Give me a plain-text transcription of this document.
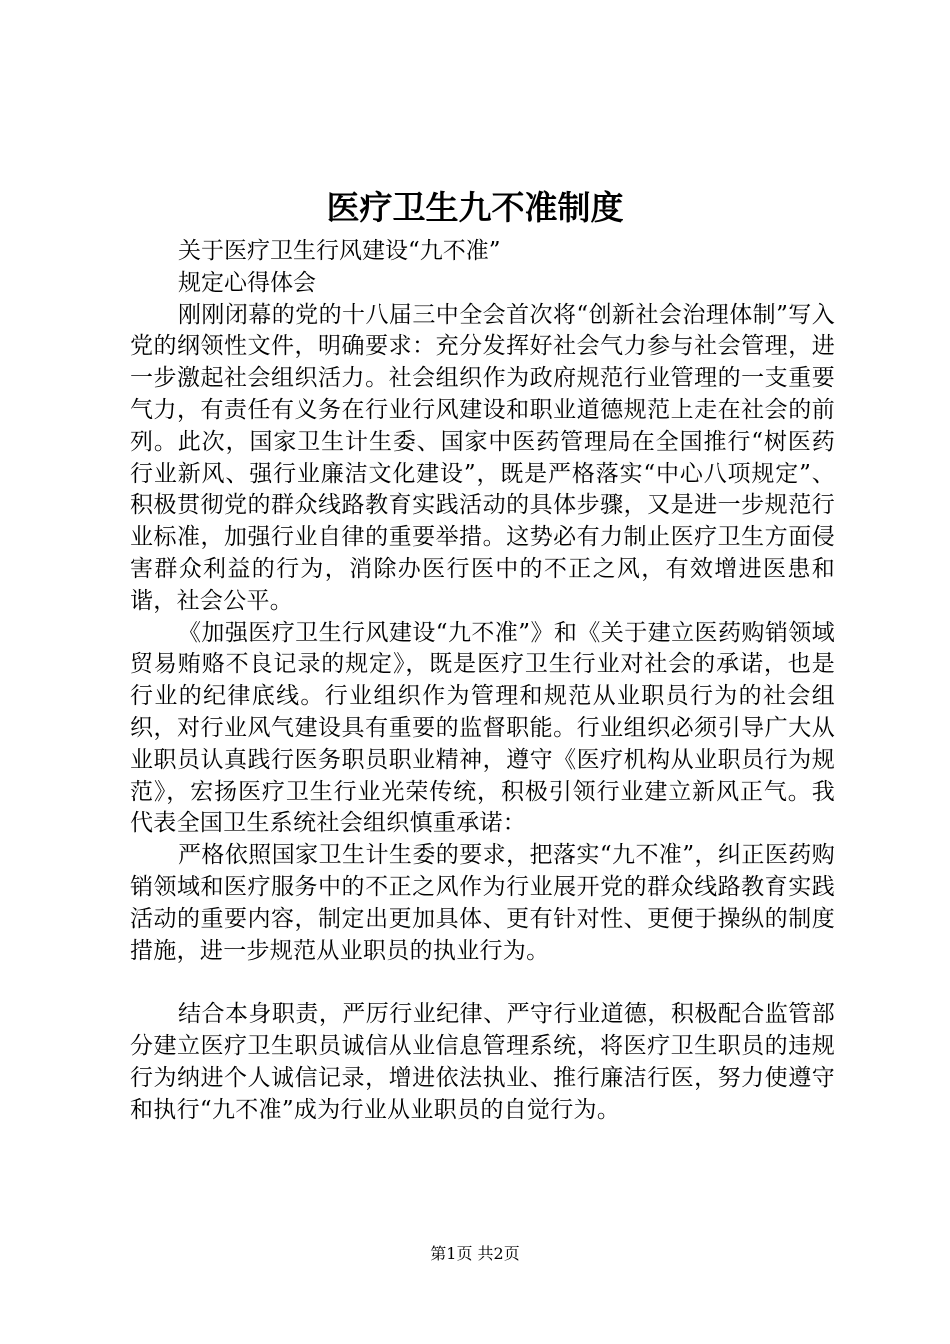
医疗卫生九不准制度

关于医疗卫生行风建设“九不准”

规定心得体会

刚刚闭幕的党的十八届三中全会首次将“创新社会治理体制”写入党的纲领性文件，明确要求：充分发挥好社会气力参与社会管理，进一步激起社会组织活力。社会组织作为政府规范行业管理的一支重要气力，有责任有义务在行业行风建设和职业道德规范上走在社会的前列。此次，国家卫生计生委、国家中医药管理局在全国推行“树医药行业新风、强行业廉洁文化建设”，既是严格落实“中心八项规定”、积极贯彻党的群众线路教育实践活动的具体步骤，又是进一步规范行业标准，加强行业自律的重要举措。这势必有力制止医疗卫生方面侵害群众利益的行为，消除办医行医中的不正之风，有效增进医患和谐，社会公平。

《加强医疗卫生行风建设“九不准”》和《关于建立医药购销领域贸易贿赂不良记录的规定》，既是医疗卫生行业对社会的承诺，也是行业的纪律底线。行业组织作为管理和规范从业职员行为的社会组织，对行业风气建设具有重要的监督职能。行业组织必须引导广大从业职员认真践行医务职员职业精神，遵守《医疗机构从业职员行为规范》，宏扬医疗卫生行业光荣传统，积极引领行业建立新风正气。我代表全国卫生系统社会组织慎重承诺：

严格依照国家卫生计生委的要求，把落实“九不准”，纠正医药购销领域和医疗服务中的不正之风作为行业展开党的群众线路教育实践活动的重要内容，制定出更加具体、更有针对性、更便于操纵的制度措施，进一步规范从业职员的执业行为。

结合本身职责，严厉行业纪律、严守行业道德，积极配合监管部分建立医疗卫生职员诚信从业信息管理系统，将医疗卫生职员的违规行为纳进个人诚信记录，增进依法执业、推行廉洁行医，努力使遵守和执行“九不准”成为行业从业职员的自觉行为。

第1页 共2页
